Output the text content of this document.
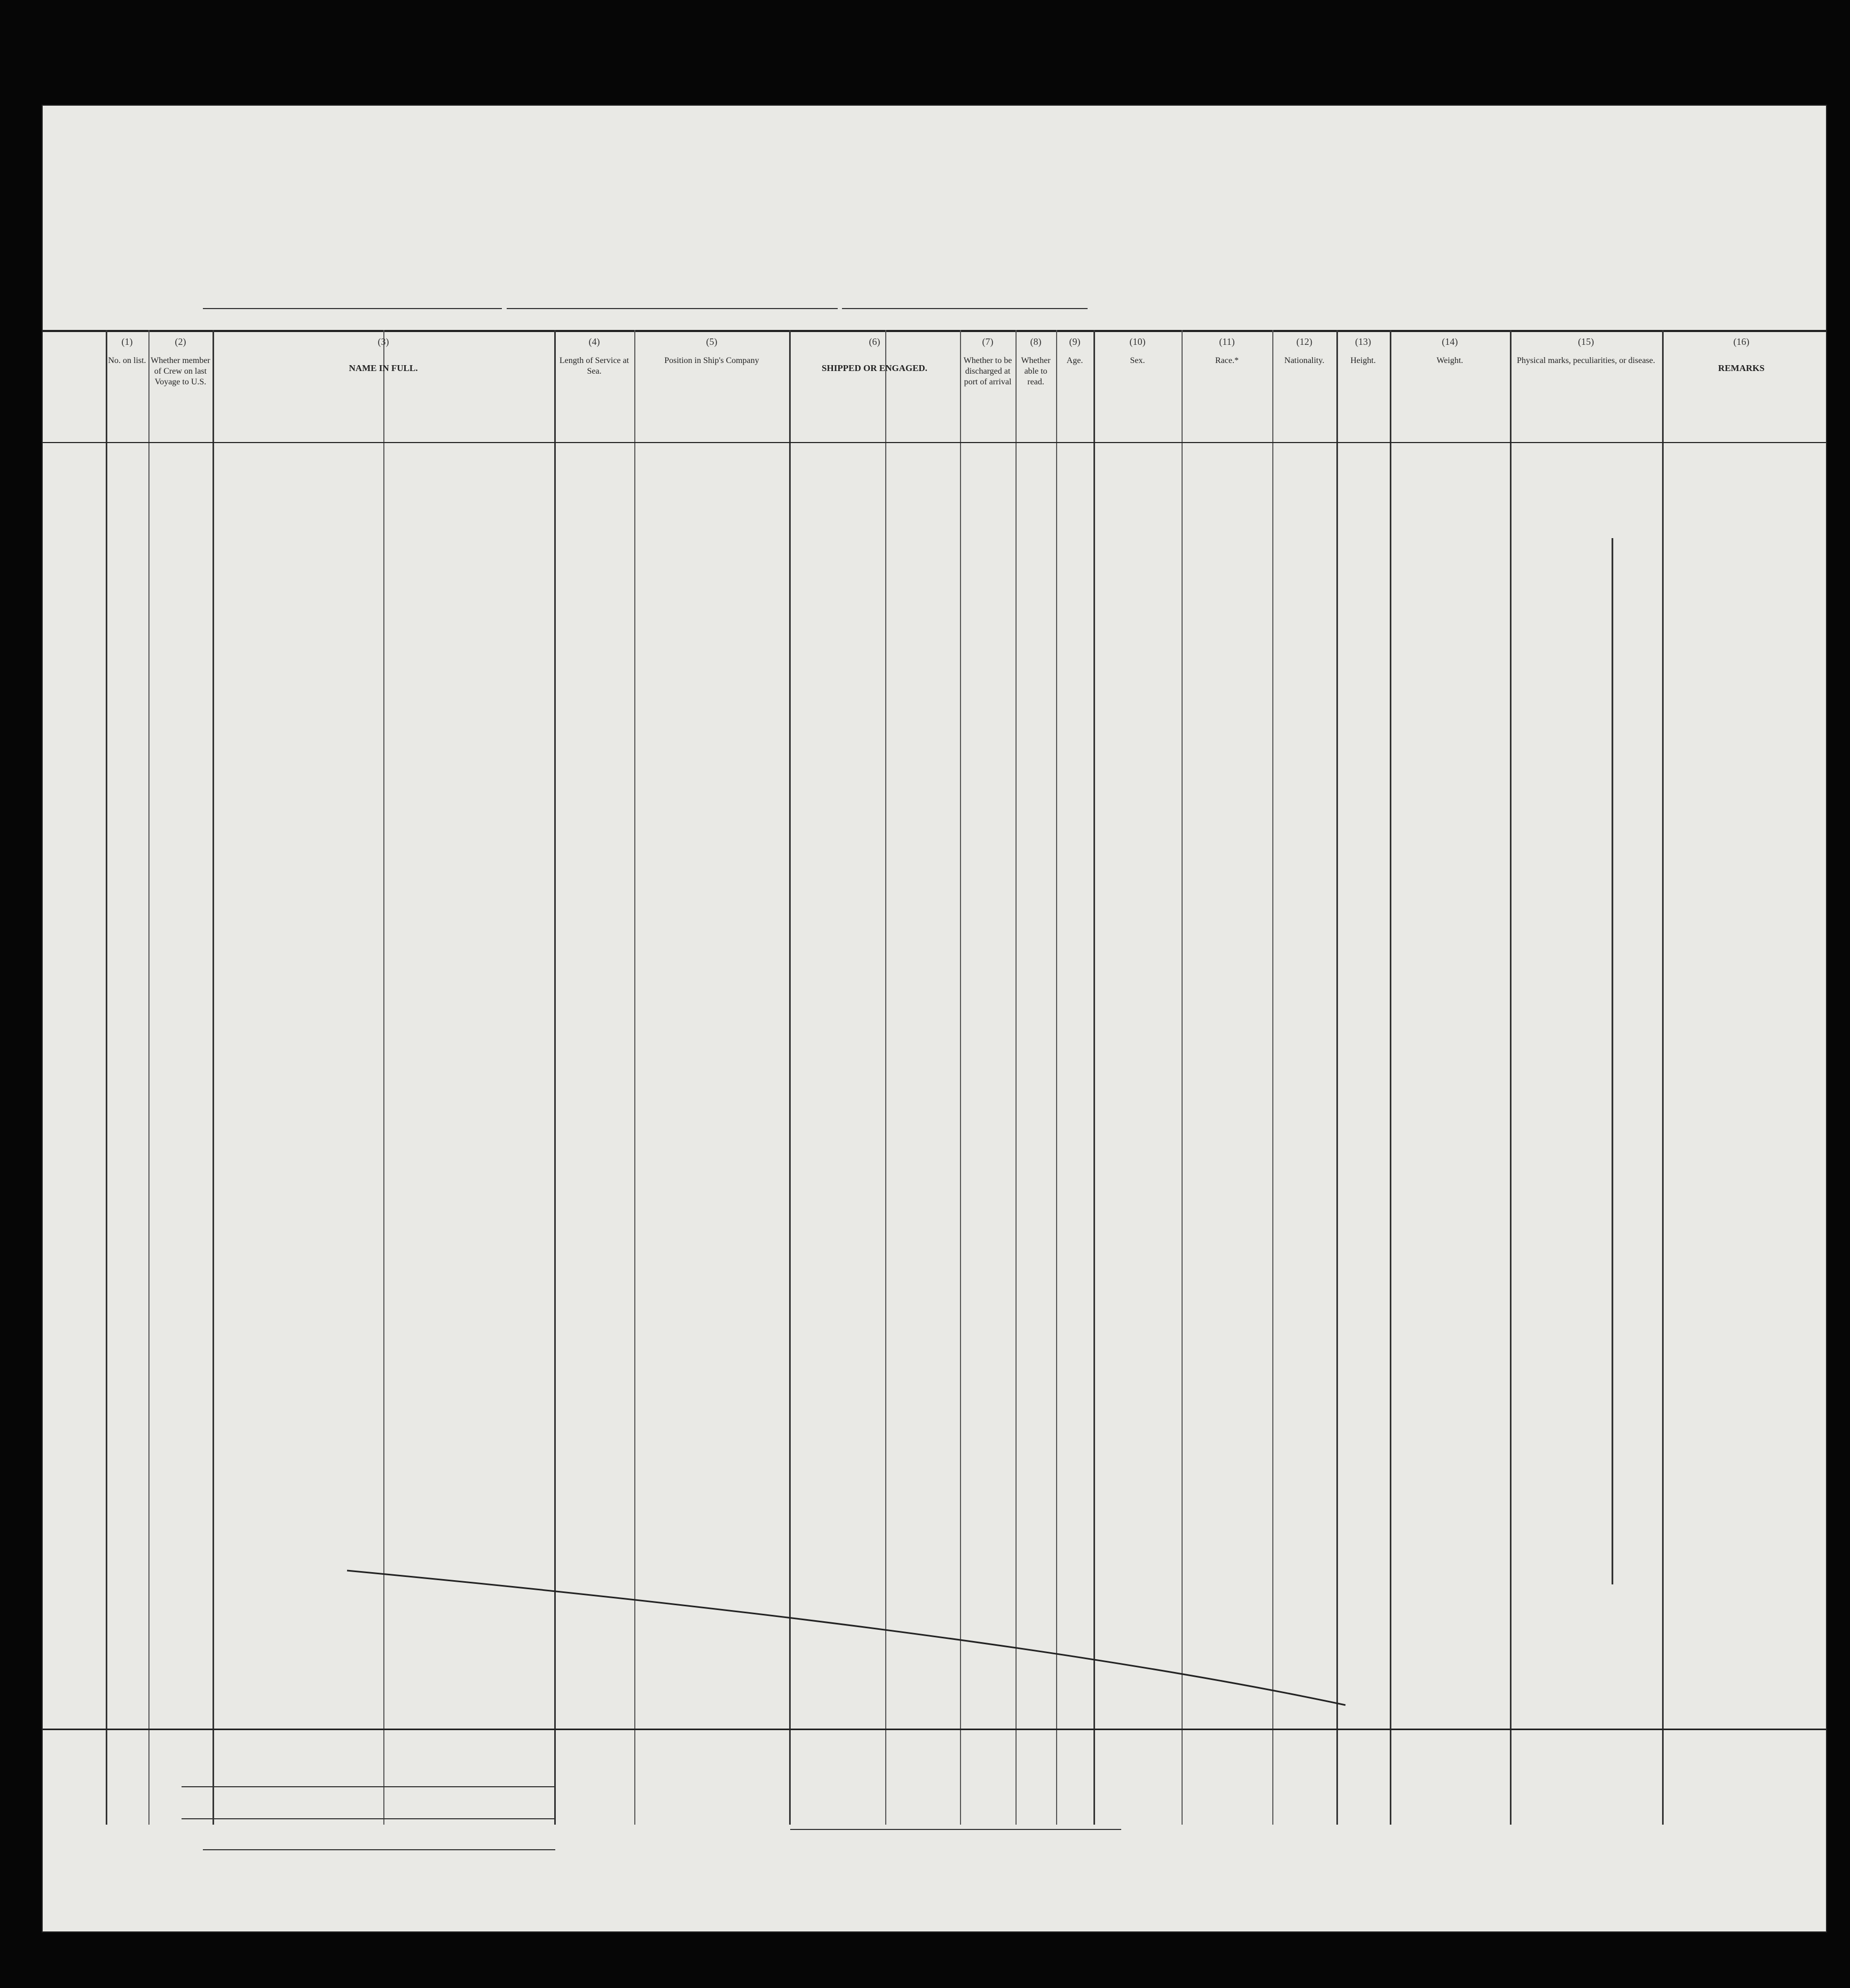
(1)
No. on list.
(2)
Whether member of Crew on last Voyage to U.S.
(3)
NAME IN FULL.
(4)
Length of Service at Sea.
(5)
Position in Ship's Company
(6)
SHIPPED OR ENGAGED.
(7)
Whether to be discharged at port of arrival
(8)
Whether able to read.
(9)
Age.
(10)
Sex.
(11)
Race.*
(12)
Nationality.
(13)
Height.
(14)
Weight.
(15)
Physical marks, peculiarities, or disease.
(16)
REMARKS
